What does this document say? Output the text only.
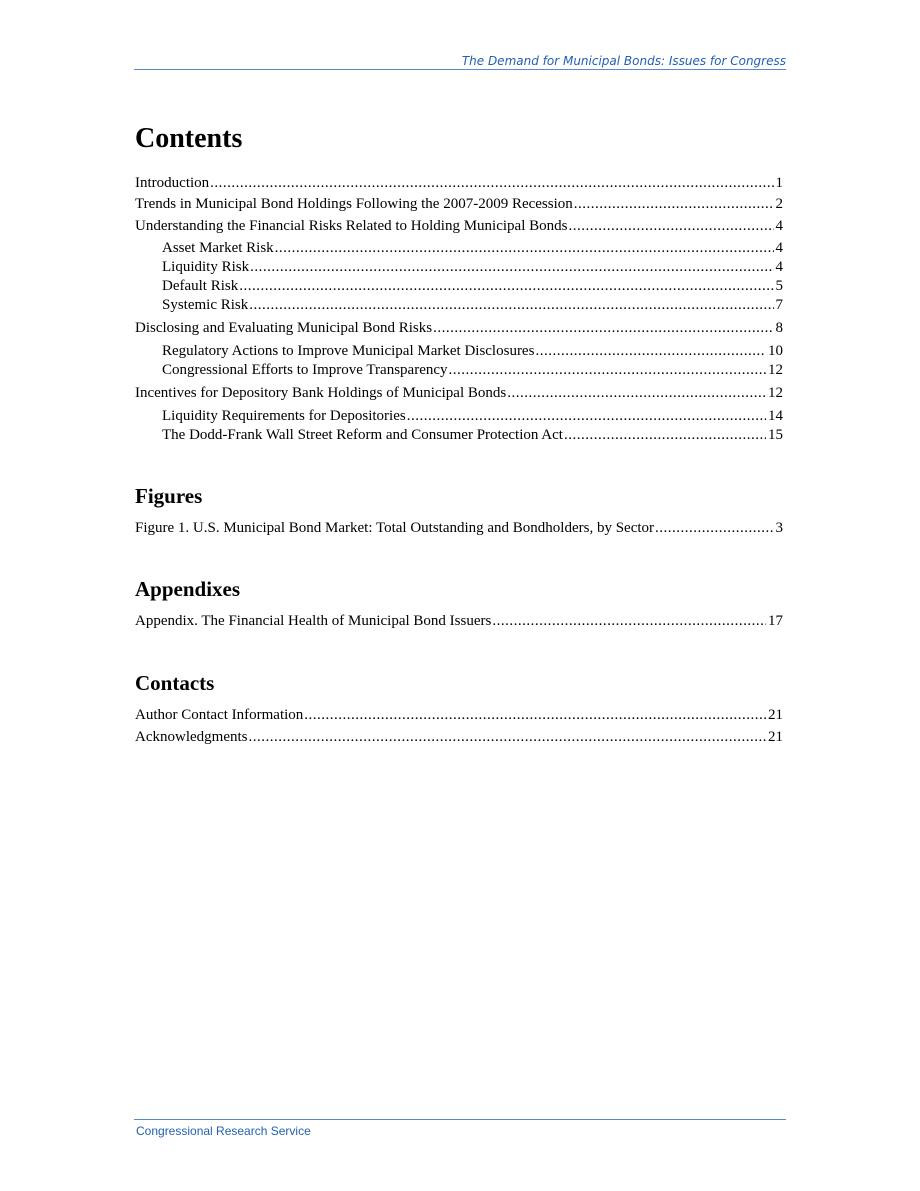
The Demand for Municipal Bonds: Issues for Congress
Contents
Introduction .....	1
Trends in Municipal Bond Holdings Following the 2007-2009 Recession .....	2
Understanding the Financial Risks Related to Holding Municipal Bonds .....	4
Asset Market Risk .....	4
Liquidity Risk .....	4
Default Risk .....	5
Systemic Risk .....	7
Disclosing and Evaluating Municipal Bond Risks .....	8
Regulatory Actions to Improve Municipal Market Disclosures .....	10
Congressional Efforts to Improve Transparency .....	12
Incentives for Depository Bank Holdings of Municipal Bonds .....	12
Liquidity Requirements for Depositories .....	14
The Dodd-Frank Wall Street Reform and Consumer Protection Act .....	15
Figures
Figure 1. U.S. Municipal Bond Market: Total Outstanding and Bondholders, by Sector .....	3
Appendixes
Appendix. The Financial Health of Municipal Bond Issuers .....	17
Contacts
Author Contact Information .....	21
Acknowledgments .....	21
Congressional Research Service
